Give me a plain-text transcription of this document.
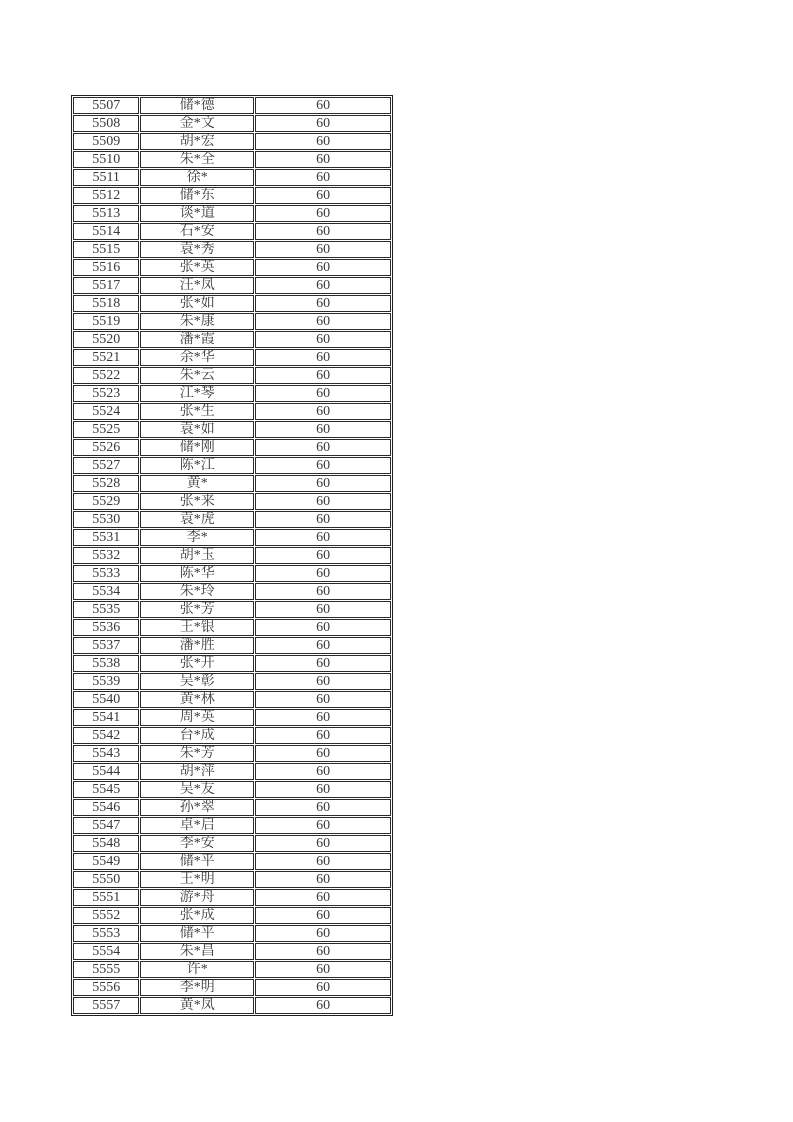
5507	储*德	60
5508	金*文	60
5509	胡*宏	60
5510	朱*全	60
5511	徐*	60
5512	储*东	60
5513	谈*道	60
5514	石*安	60
5515	袁*秀	60
5516	张*英	60
5517	汪*凤	60
5518	张*如	60
5519	朱*康	60
5520	潘*霞	60
5521	余*华	60
5522	朱*云	60
5523	江*琴	60
5524	张*生	60
5525	袁*如	60
5526	储*刚	60
5527	陈*江	60
5528	黄*	60
5529	张*来	60
5530	袁*虎	60
5531	李*	60
5532	胡*玉	60
5533	陈*华	60
5534	朱*玲	60
5535	张*芳	60
5536	王*银	60
5537	潘*胜	60
5538	张*开	60
5539	吴*彰	60
5540	黄*林	60
5541	周*英	60
5542	台*成	60
5543	朱*芳	60
5544	胡*萍	60
5545	吴*友	60
5546	孙*翠	60
5547	卓*启	60
5548	李*安	60
5549	储*平	60
5550	王*明	60
5551	游*舟	60
5552	张*成	60
5553	储*平	60
5554	朱*昌	60
5555	许*	60
5556	李*明	60
5557	黄*凤	60
